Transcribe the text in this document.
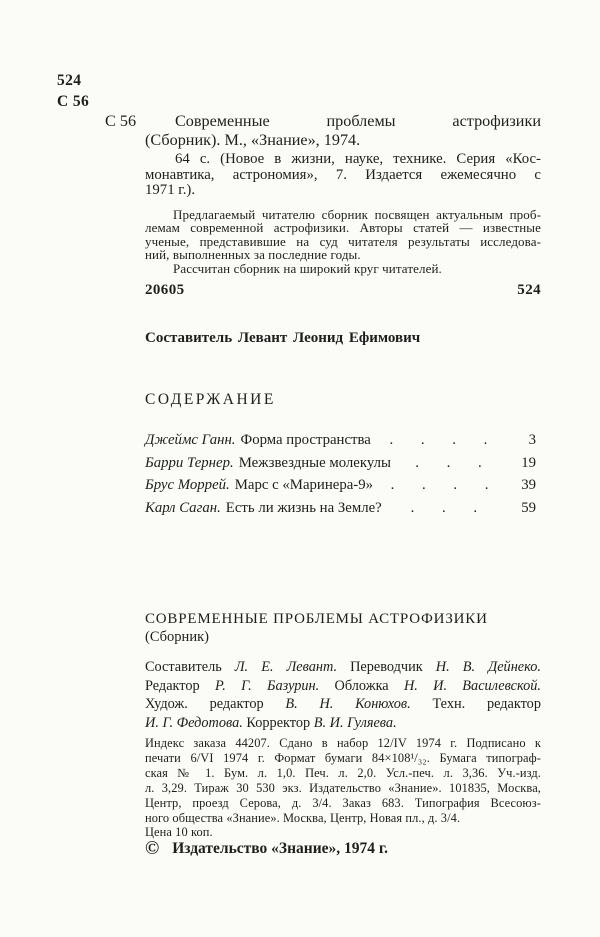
524
С 56
С 56 Современные проблемы астрофизики
(Сборник). М., «Знание», 1974.
64 с. (Новое в жизни, науке, технике. Серия «Кос-
монавтика, астрономия», 7. Издается ежемесячно с
1971 г.).
Предлагаемый читателю сборник посвящен актуальным проб-
лемам современной астрофизики. Авторы статей — известные
ученые, представившие на суд читателя результаты исследова-
ний, выполненных за последние годы.
Рассчитан сборник на широкий круг читателей.
20605	524
Составитель Левант Леонид Ефимович
СОДЕРЖАНИЕ
Джеймс Ганн. Форма пространства	. . . .	3
Барри Тернер. Межзвездные молекулы	. . .	19
Брус Моррей. Марс с «Маринера-9»	. . . .	39
Карл Саган. Есть ли жизнь на Земле?	. . .	59
СОВРЕМЕННЫЕ ПРОБЛЕМЫ АСТРОФИЗИКИ
(Сборник)
Составитель Л. Е. Левант. Переводчик Н. В. Дейнеко.
Редактор Р. Г. Базурин. Обложка Н. И. Василевской.
Худож. редактор В. Н. Конюхов. Техн. редактор
И. Г. Федотова. Корректор В. И. Гуляева.
Индекс заказа 44207. Сдано в набор 12/IV 1974 г. Подписано к
печати 6/VI 1974 г. Формат бумаги 84×108¹/₃₂. Бумага типограф-
ская № 1. Бум. л. 1,0. Печ. л. 2,0. Усл.-печ. л. 3,36. Уч.-изд.
л. 3,29. Тираж 30 530 экз. Издательство «Знание». 101835, Москва,
Центр, проезд Серова, д. 3/4. Заказ 683. Типография Всесоюз-
ного общества «Знание». Москва, Центр, Новая пл., д. 3/4.
Цена 10 коп.
© Издательство «Знание», 1974 г.
